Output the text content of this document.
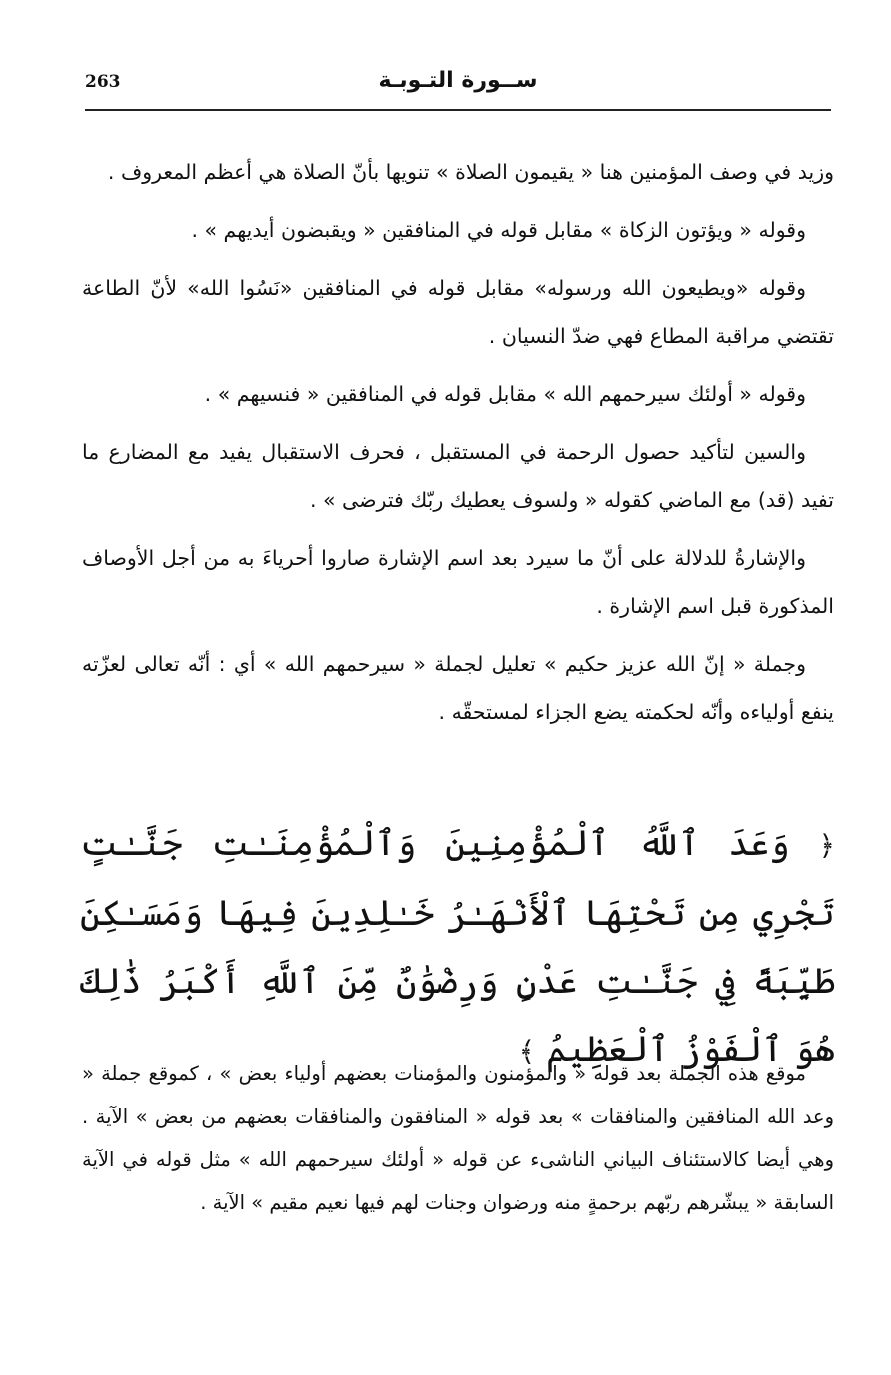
263	ســورة التـوبـة

وزيد في وصف المؤمنين هنا « يقيمون الصلاة » تنويها بأنّ الصلاة هي أعظم المعروف .

وقوله « ويؤتون الزكاة » مقابل قوله في المنافقين « ويقبضون أيديهم » .

وقوله «ويطيعون الله ورسوله» مقابل قوله في المنافقين «نَسُوا الله» لأنّ الطاعة تقتضي مراقبة المطاع فهي ضدّ النسيان .

وقوله « أولئك سيرحمهم الله » مقابل قوله في المنافقين « فنسيهم » .

والسين لتأكيد حصول الرحمة في المستقبل ، فحرف الاستقبال يفيد مع المضارع ما تفيد (قد) مع الماضي كقوله « ولسوف يعطيك ربّك فترضى » .

والإشارةُ للدلالة على أنّ ما سيرد بعد اسم الإشارة صاروا أحرياءَ به من أجل الأوصاف المذكورة قبل اسم الإشارة .

وجملة « إنّ الله عزيز حكيم » تعليل لجملة « سيرحمهم الله » أي : أنّه تعالى لعزّته ينفع أولياءه وأنّه لحكمته يضع الجزاء لمستحقّه .

﴿ وَعَدَ ٱللَّهُ ٱلْمُؤْمِنِينَ وَٱلْمُؤْمِنَـٰتِ جَنَّـٰتٍ تَجْرِي مِن تَحْتِهَا ٱلْأَنْهَـٰرُ خَـٰلِدِينَ فِيهَا وَمَسَـٰكِنَ طَيِّبَةً فِي جَنَّـٰتِ عَدْنٍ وَرِضْوَٰنٌ مِّنَ ٱللَّهِ أَكْبَرُ ذَٰلِكَ هُوَ ٱلْفَوْزُ ٱلْعَظِيمُ ﴾

موقع هذه الجملة بعد قوله « والمؤمنون والمؤمنات بعضهم أولياء بعض » ، كموقع جملة « وعد الله المنافقين والمنافقات » بعد قوله « المنافقون والمنافقات بعضهم من بعض » الآية . وهي أيضا كالاستئناف البياني الناشىء عن قوله « أولئك سيرحمهم الله » مثل قوله في الآية السابقة « يبشّرهم ربّهم برحمةٍ منه ورضوان وجنات لهم فيها نعيم مقيم » الآية .
